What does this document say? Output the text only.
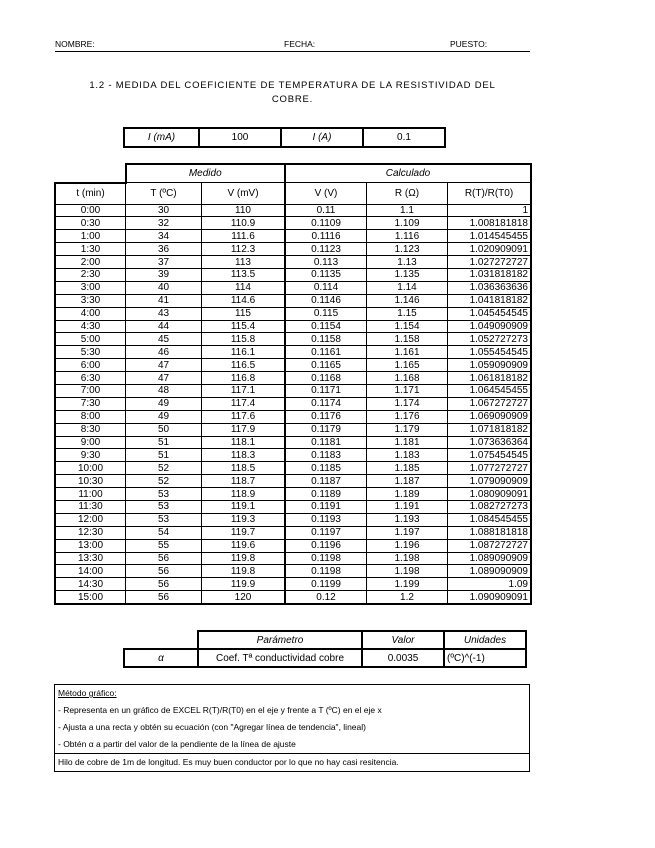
NOMBRE:	FECHA:	PUESTO:
1.2 - MEDIDA DEL COEFICIENTE DE TEMPERATURA DE LA RESISTIVIDAD DEL
COBRE.
I (mA)	100	I (A)	0.1
	Medido		Calculado		
t (min)	T (ºC)	V (mV)	V (V)	R (Ω)	R(T)/R(T0)
0:00	30	110	0.11	1.1	1
0:30	32	110.9	0.1109	1.109	1.008181818
1:00	34	111.6	0.1116	1.116	1.014545455
1:30	36	112.3	0.1123	1.123	1.020909091
2:00	37	113	0.113	1.13	1.027272727
2:30	39	113.5	0.1135	1.135	1.031818182
3:00	40	114	0.114	1.14	1.036363636
3:30	41	114.6	0.1146	1.146	1.041818182
4:00	43	115	0.115	1.15	1.045454545
4:30	44	115.4	0.1154	1.154	1.049090909
5:00	45	115.8	0.1158	1.158	1.052727273
5:30	46	116.1	0.1161	1.161	1.055454545
6:00	47	116.5	0.1165	1.165	1.059090909
6:30	47	116.8	0.1168	1.168	1.061818182
7:00	48	117.1	0.1171	1.171	1.064545455
7:30	49	117.4	0.1174	1.174	1.067272727
8:00	49	117.6	0.1176	1.176	1.069090909
8:30	50	117.9	0.1179	1.179	1.071818182
9:00	51	118.1	0.1181	1.181	1.073636364
9:30	51	118.3	0.1183	1.183	1.075454545
10:00	52	118.5	0.1185	1.185	1.077272727
10:30	52	118.7	0.1187	1.187	1.079090909
11:00	53	118.9	0.1189	1.189	1.080909091
11:30	53	119.1	0.1191	1.191	1.082727273
12:00	53	119.3	0.1193	1.193	1.084545455
12:30	54	119.7	0.1197	1.197	1.088181818
13:00	55	119.6	0.1196	1.196	1.087272727
13:30	56	119.8	0.1198	1.198	1.089090909
14:00	56	119.8	0.1198	1.198	1.089090909
14:30	56	119.9	0.1199	1.199	1.09
15:00	56	120	0.12	1.2	1.090909091
	Parámetro	Valor	Unidades
α	Coef. Tª conductividad cobre	0.0035	(ºC)^(-1)
Método gráfico:
- Representa en un gráfico de EXCEL R(T)/R(T0) en el eje y frente a T (ºC) en el eje x
- Ajusta a una recta y obtén su ecuación (con "Agregar línea de tendencia", lineal)
- Obtén α a partir del valor de la pendiente de la línea de ajuste
Hilo de cobre de 1m de longitud. Es muy buen conductor por lo que no hay casi resitencia.
